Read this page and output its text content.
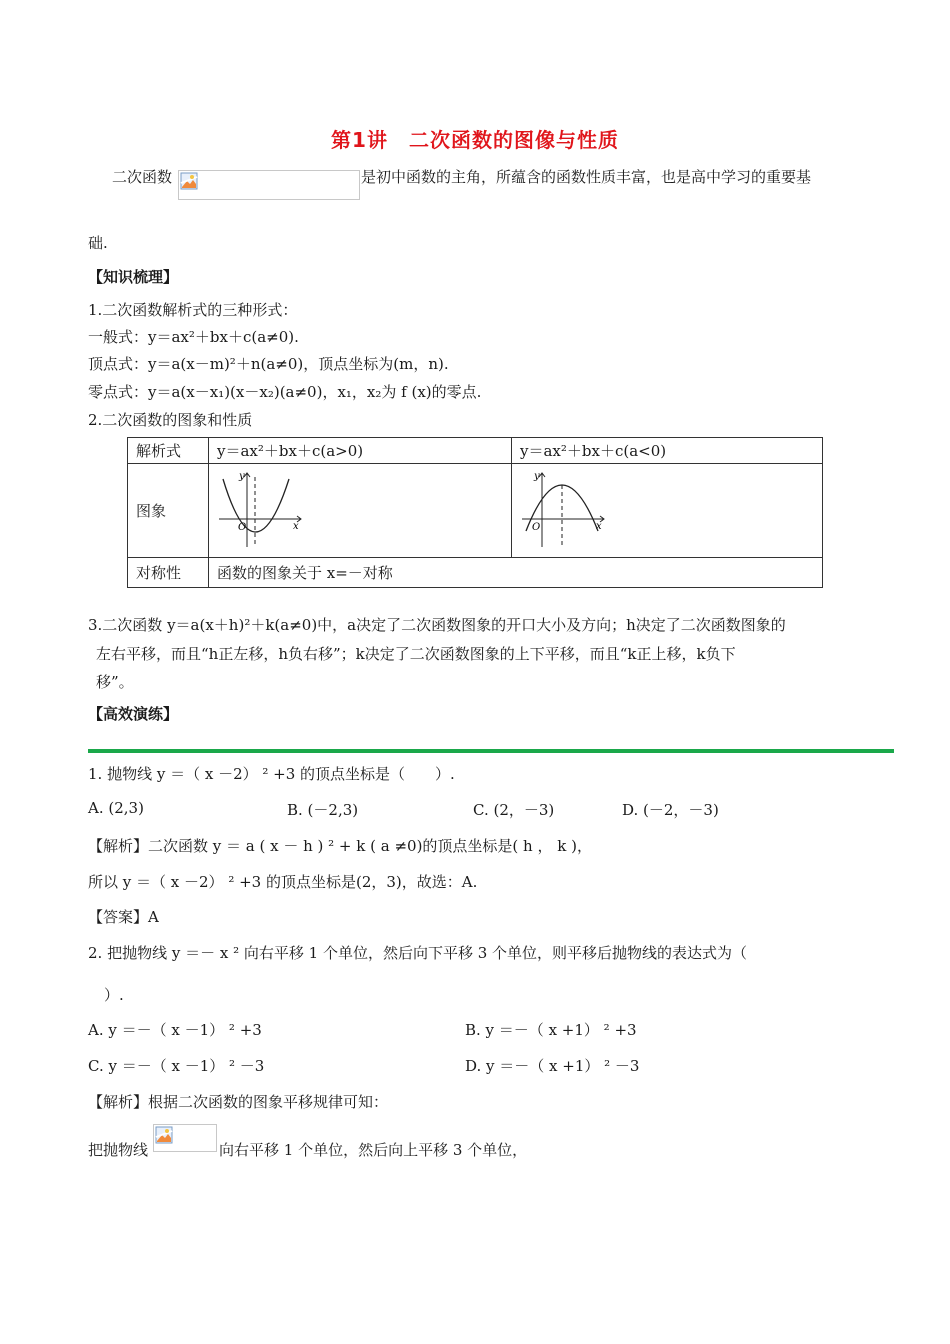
第1讲　二次函数的图像与性质
二次函数	是初中函数的主角，所蕴含的函数性质丰富，也是高中学习的重要基
础.
【知识梳理】
1.二次函数解析式的三种形式：
一般式：y＝ax²＋bx＋c(a≠0).
顶点式：y＝a(x－m)²＋n(a≠0)，顶点坐标为(m，n).
零点式：y＝a(x－x₁)(x－x₂)(a≠0)，x₁，x₂为 f (x)的零点.
2.二次函数的图象和性质
解析式	y＝ax²＋bx＋c(a>0)	y＝ax²＋bx＋c(a<0)
图象	y
x
O	y
x
O

对称性	函数的图象关于 x=－对称	
3.二次函数 y＝a(x＋h)²＋k(a≠0)中，a决定了二次函数图象的开口大小及方向；h决定了二次函数图象的
左右平移，而且“h正左移，h负右移”；k决定了二次函数图象的上下平移，而且“k正上移，k负下
移”。
【高效演练】
1. 抛物线 y ＝（ x －2） ² +3 的顶点坐标是（　　）.
A. (2,3)	B. (－2,3)	C. (2，－3)	D. (－2，－3)
【解析】二次函数 y ＝ a ( x － h ) ² + k ( a ≠0)的顶点坐标是( h ， k )，
所以 y ＝（ x －2） ² +3 的顶点坐标是(2，3)，故选：A.
【答案】A
2. 把抛物线 y ＝－ x ² 向右平移 1 个单位，然后向下平移 3 个单位，则平移后抛物线的表达式为（
）.
A. y ＝－（ x －1） ² +3	B. y ＝－（ x +1） ² +3
C. y ＝－（ x －1） ² －3	D. y ＝－（ x +1） ² －3
【解析】根据二次函数的图象平移规律可知：
把抛物线	向右平移 1 个单位，然后向上平移 3 个单位，
